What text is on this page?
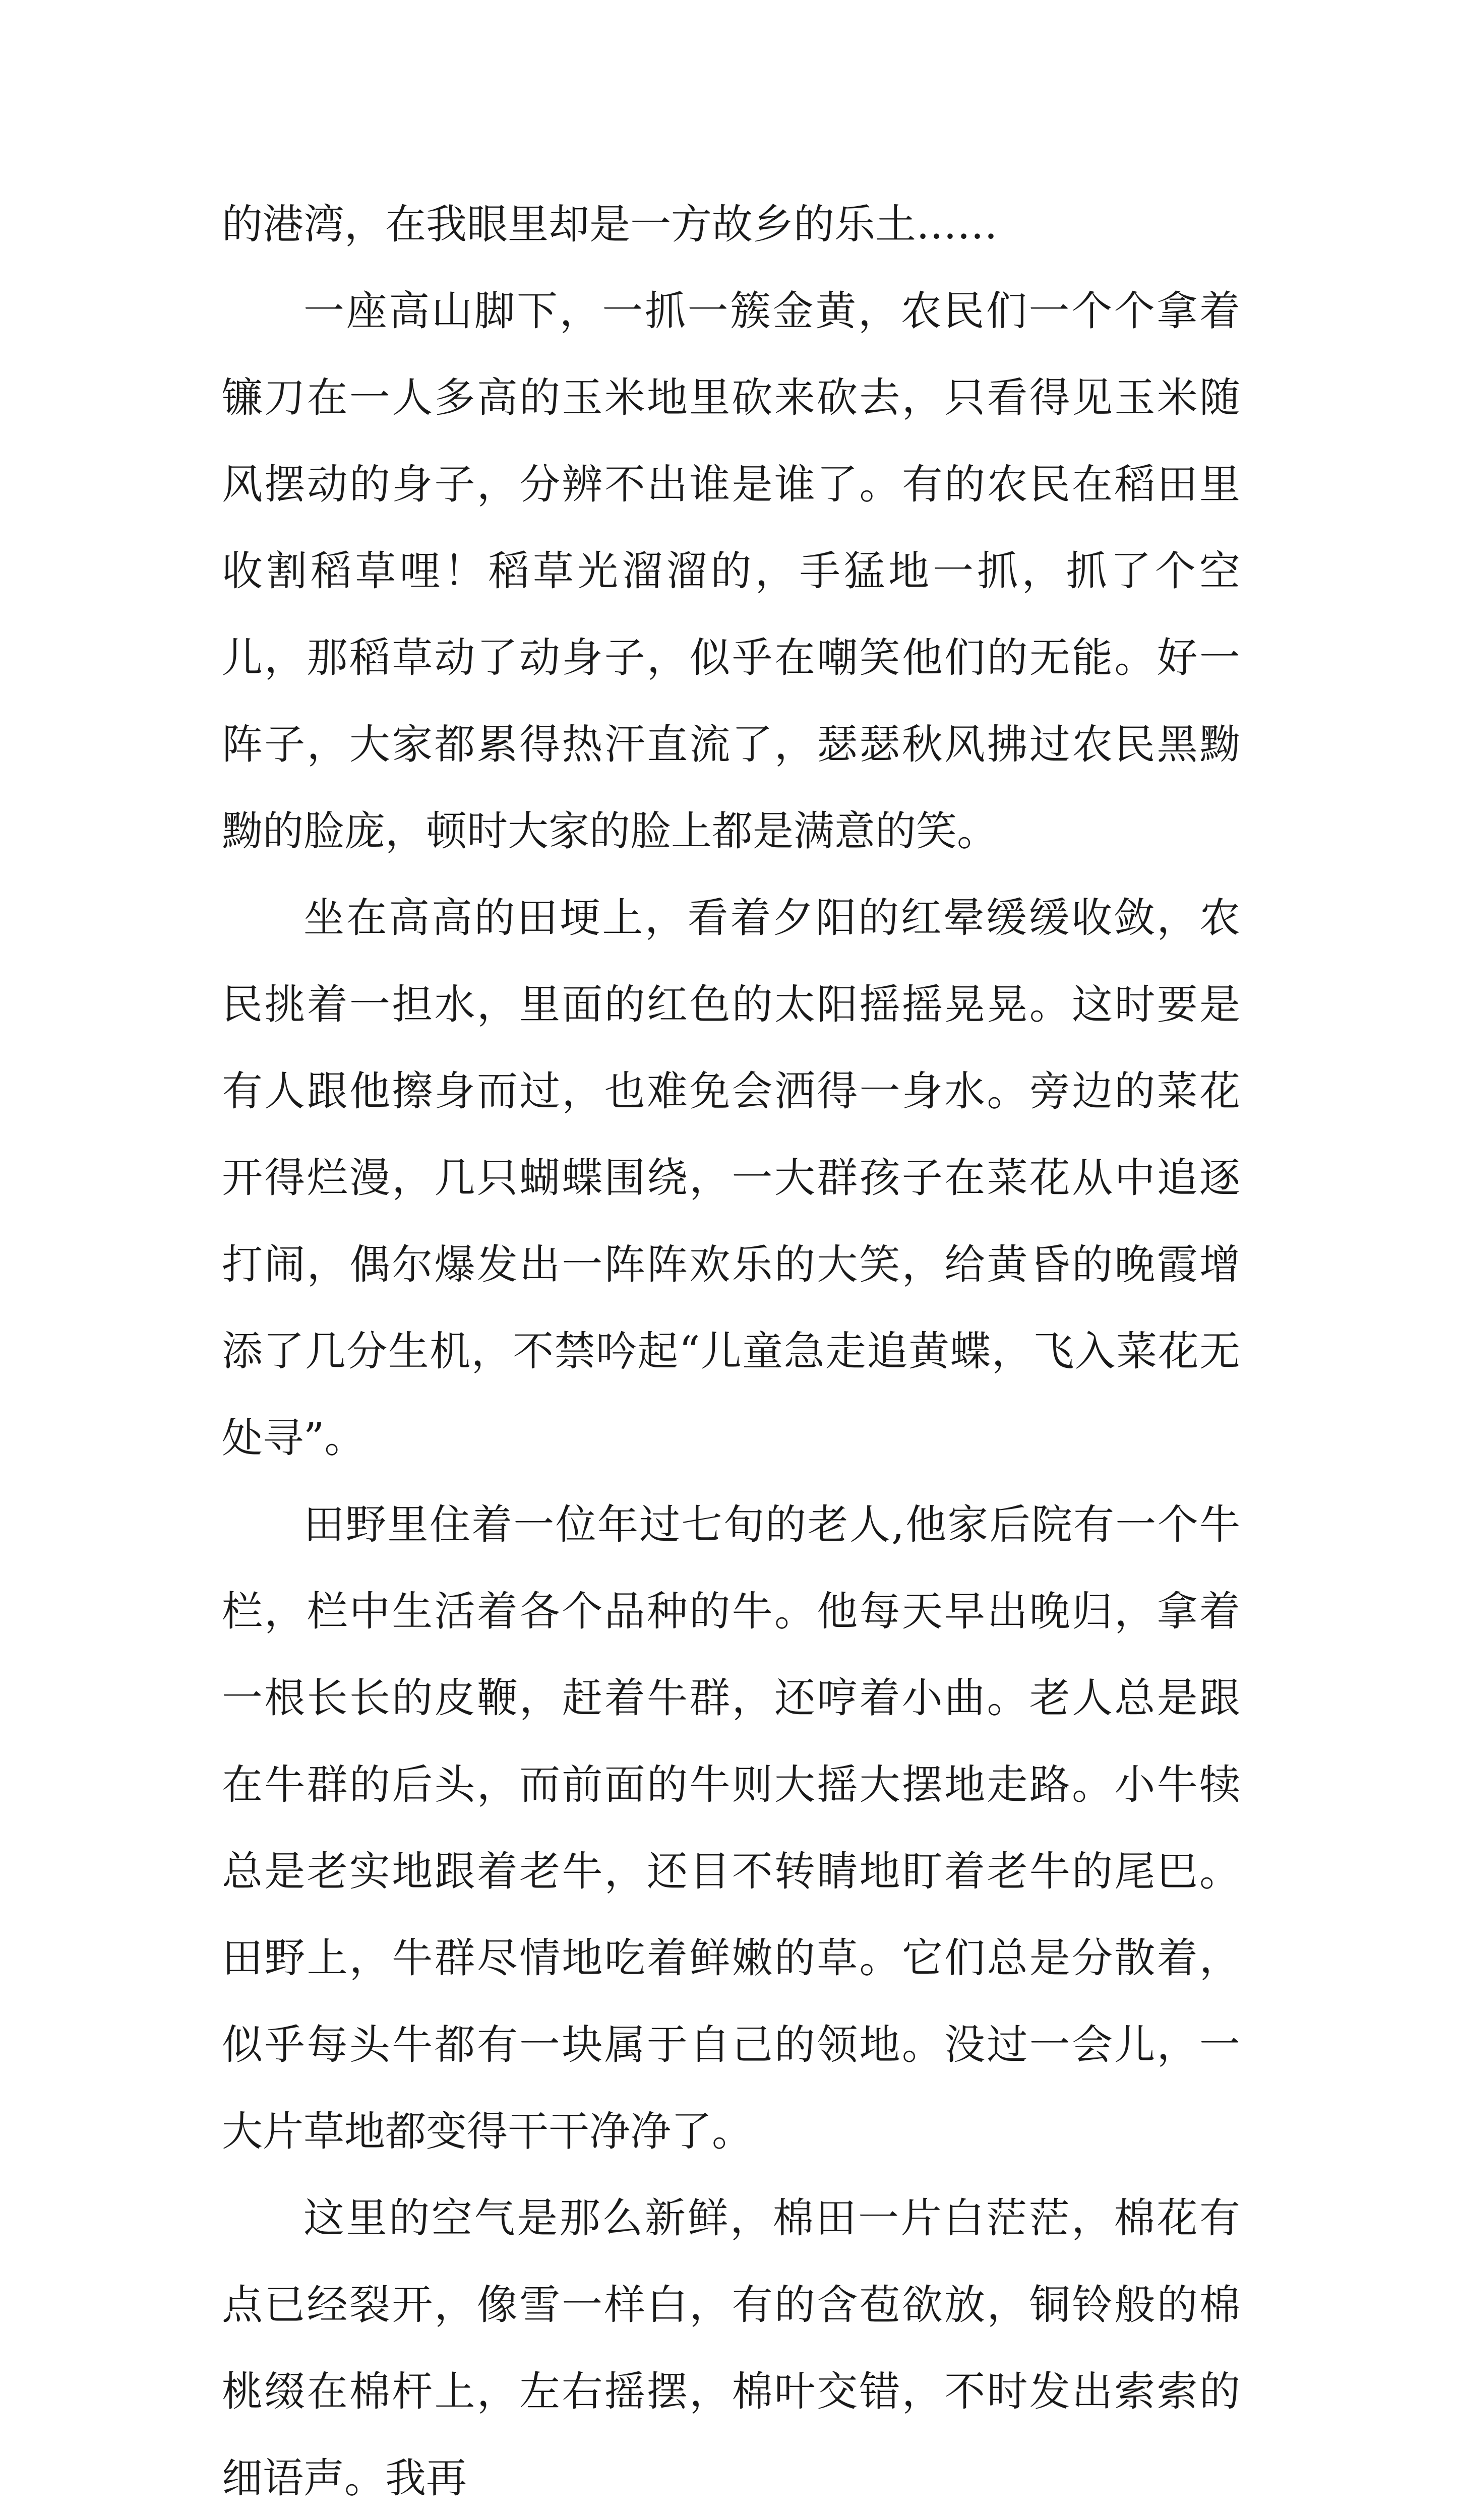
的港湾，在我眼里却是一方故乡的乐土……

一座高山脚下，一抓一簇金黄，农民们一个个拿着镰刀在一人多高的玉米地里砍来砍去，只看得见玉米随风摆动的身子，分辨不出谁是谁了。有的农民在稻田里收割稻草哩！稻草光溜溜的，手猛地一抓，抓了个空儿，那稻草动了动身子，似乎在嘲笑他们的无能。好一阵子，大家都累得热汗直流了，瑟瑟秋风拂过农民黑黝黝的脸庞，顿时大家的脸上都是满意的笑。

坐在高高的田埂上，看着夕阳的红晕缓缓收敛，农民挑着一担水，里面的红色的太阳摇摇晃晃。这时要是有人跟他擦身而过，也难免会洒得一身水。旁边的菜花开得烂漫，几只蝴蝶围绕，一大群孩子在菜花从中追逐打闹，偶尔爆发出一阵阵欢乐的大笑，给黄昏的晚霞增添了几分生机，不禁吟起“儿童急走追黄蝶，飞入菜花无处寻”。

田野里住着一位年过七旬的老人,他家后院有一个牛栏，栏中生活着各个品种的牛。他每天早出晚归，拿着一根长长的皮鞭，赶着牛群，还哼着小曲。老人总是跟在牛群的后头，而前面的牛则大摇大摆地走路。小牛犊总是老实地跟着老牛，还目不转睛地盯着老牛的尾巴。田野上，牛群尽情地吃着鲜嫩的草。它们总是分散着，似乎每头牛都有一块属于自己的领地。没过一会儿，一大片草地都变得干干净净了。

这里的空气是那么新鲜，棉田一片白茫茫，棉花有点已经裂开，像雪一样白，有的含苞欲放，铜铃般的棉桃缀在棉杆上，左右摇摆，棉叶交错，不时发出索索的细语声。我再
